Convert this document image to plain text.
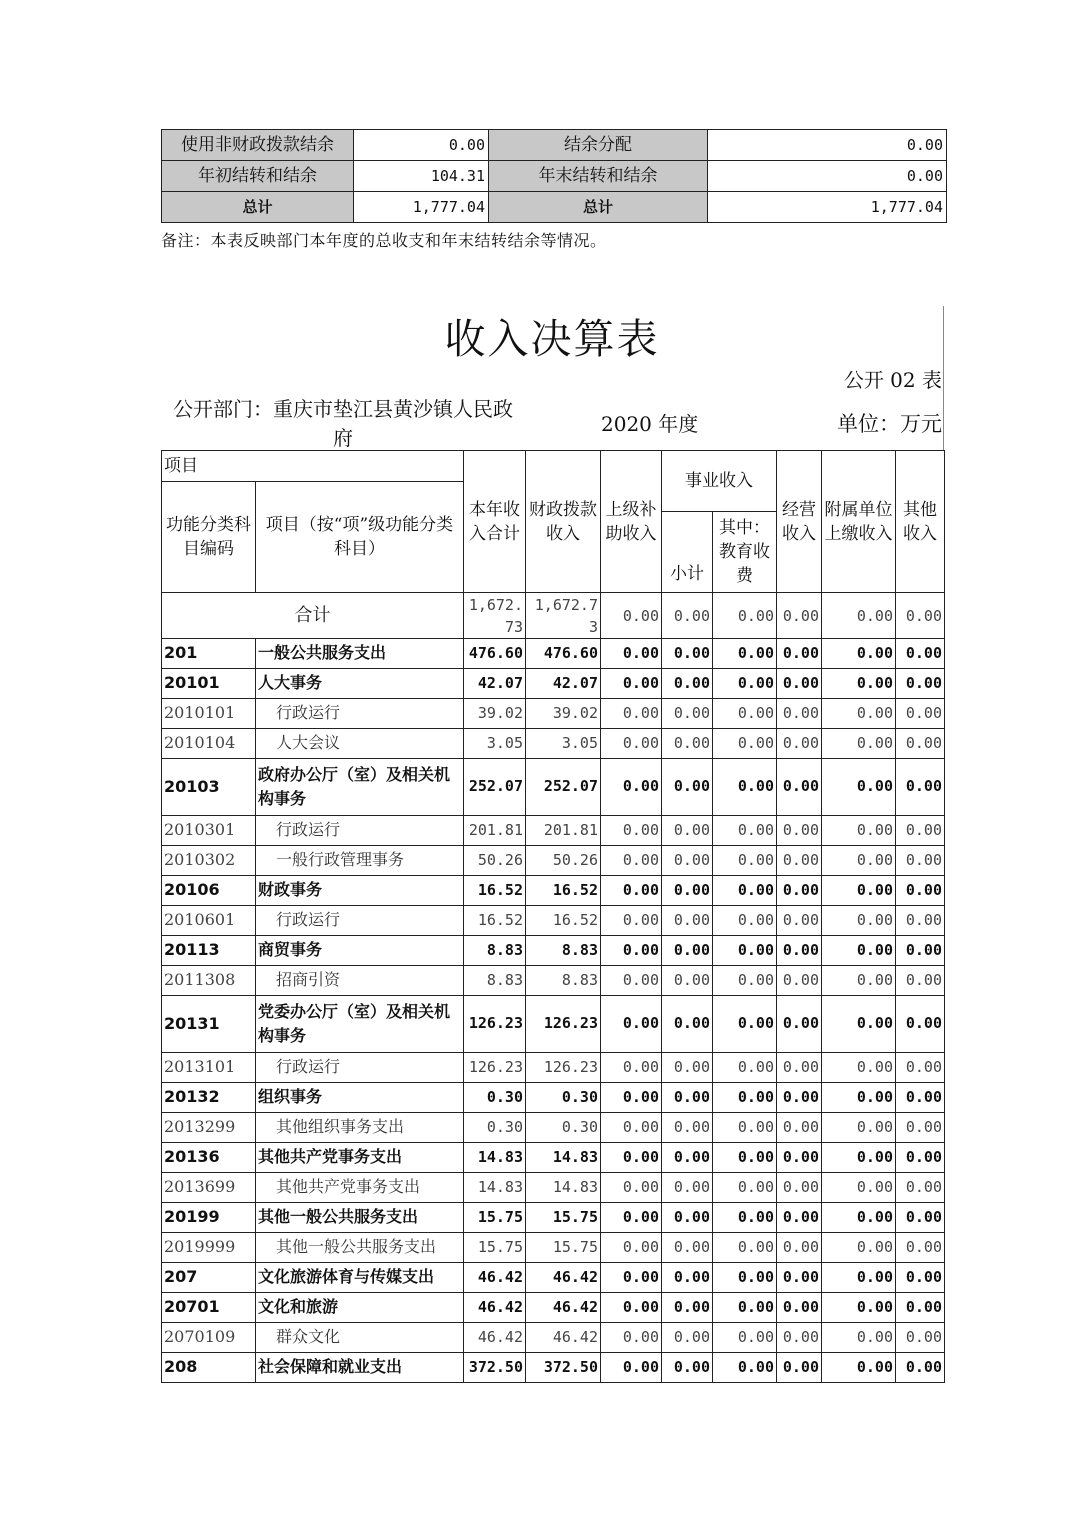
使用非财政拨款结余	0.00	结余分配	0.00
年初结转和结余	104.31	年末结转和结余	0.00
总计	1,777.04	总计	1,777.04
备注：本表反映部门本年度的总收支和年末结转结余等情况。
收入决算表
公开 02 表
公开部门：重庆市垫江县黄沙镇人民政府
2020 年度	单位：万元
项目		本年收入合计	财政拨款收入	上级补助收入	事业收入		经营收入	附属单位上缴收入	其他收入
功能分类科目编码	项目（按“项”级功能分类科目）								
					小计	其中：教育收费			
合计		1,672.73	1,672.73	0.00	0.00	0.00	0.00	0.00	0.00
201	一般公共服务支出	476.60	476.60	0.00	0.00	0.00	0.00	0.00	0.00
20101	人大事务	42.07	42.07	0.00	0.00	0.00	0.00	0.00	0.00
2010101	行政运行	39.02	39.02	0.00	0.00	0.00	0.00	0.00	0.00
2010104	人大会议	3.05	3.05	0.00	0.00	0.00	0.00	0.00	0.00
20103	政府办公厅（室）及相关机构事务	252.07	252.07	0.00	0.00	0.00	0.00	0.00	0.00
2010301	行政运行	201.81	201.81	0.00	0.00	0.00	0.00	0.00	0.00
2010302	一般行政管理事务	50.26	50.26	0.00	0.00	0.00	0.00	0.00	0.00
20106	财政事务	16.52	16.52	0.00	0.00	0.00	0.00	0.00	0.00
2010601	行政运行	16.52	16.52	0.00	0.00	0.00	0.00	0.00	0.00
20113	商贸事务	8.83	8.83	0.00	0.00	0.00	0.00	0.00	0.00
2011308	招商引资	8.83	8.83	0.00	0.00	0.00	0.00	0.00	0.00
20131	党委办公厅（室）及相关机构事务	126.23	126.23	0.00	0.00	0.00	0.00	0.00	0.00
2013101	行政运行	126.23	126.23	0.00	0.00	0.00	0.00	0.00	0.00
20132	组织事务	0.30	0.30	0.00	0.00	0.00	0.00	0.00	0.00
2013299	其他组织事务支出	0.30	0.30	0.00	0.00	0.00	0.00	0.00	0.00
20136	其他共产党事务支出	14.83	14.83	0.00	0.00	0.00	0.00	0.00	0.00
2013699	其他共产党事务支出	14.83	14.83	0.00	0.00	0.00	0.00	0.00	0.00
20199	其他一般公共服务支出	15.75	15.75	0.00	0.00	0.00	0.00	0.00	0.00
2019999	其他一般公共服务支出	15.75	15.75	0.00	0.00	0.00	0.00	0.00	0.00
207	文化旅游体育与传媒支出	46.42	46.42	0.00	0.00	0.00	0.00	0.00	0.00
20701	文化和旅游	46.42	46.42	0.00	0.00	0.00	0.00	0.00	0.00
2070109	群众文化	46.42	46.42	0.00	0.00	0.00	0.00	0.00	0.00
208	社会保障和就业支出	372.50	372.50	0.00	0.00	0.00	0.00	0.00	0.00
